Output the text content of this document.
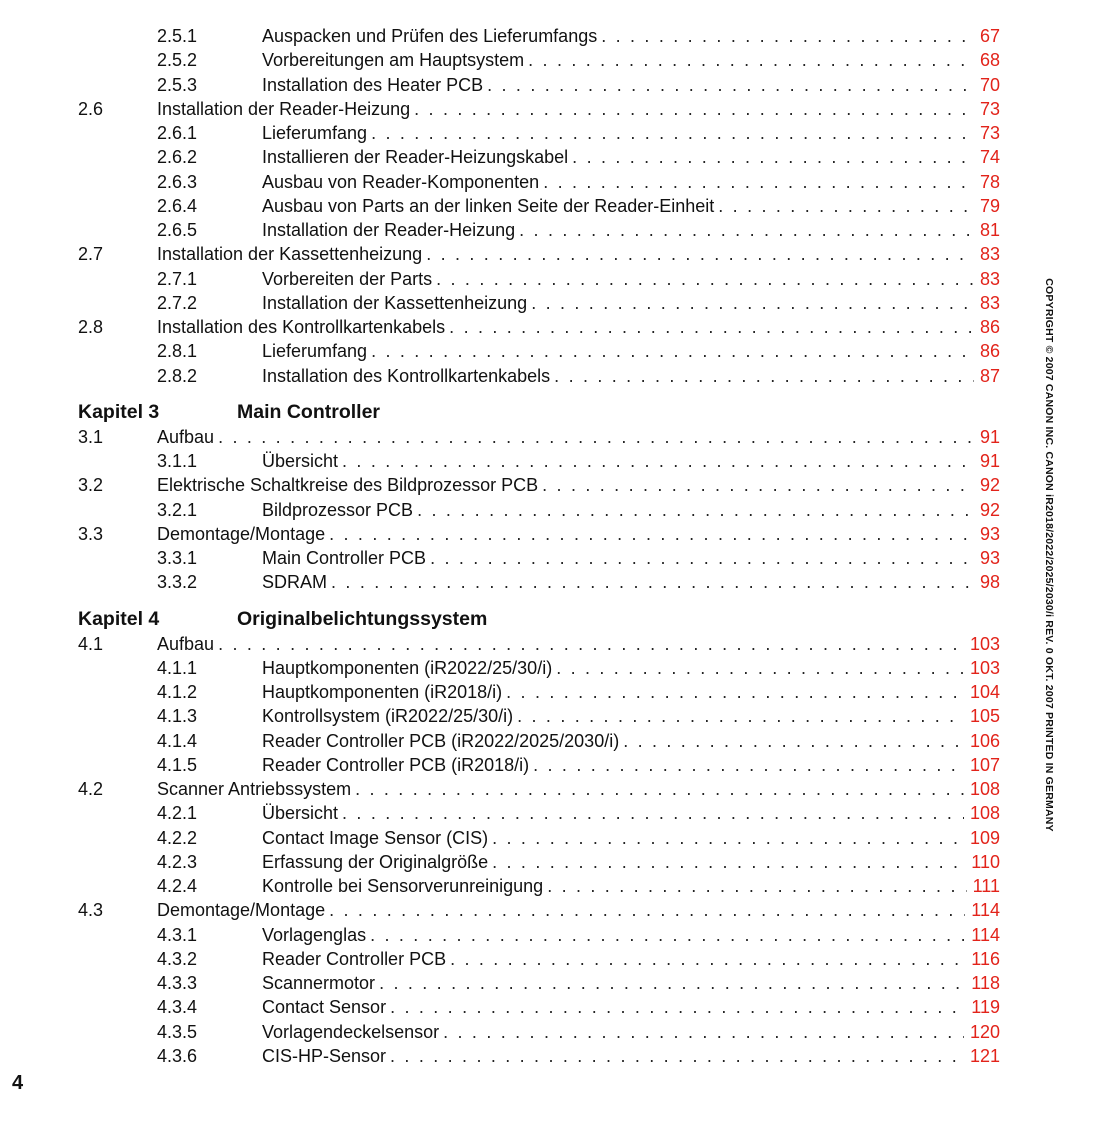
2.5.1	Auspacken und Prüfen des Lieferumfangs . . .	67
2.5.2	Vorbereitungen am Hauptsystem . . .	68
2.5.3	Installation des Heater PCB . . .	70
2.6	Installation der Reader-Heizung . . .	73
2.6.1	Lieferumfang . . .	73
2.6.2	Installieren der Reader-Heizungskabel . . .	74
2.6.3	Ausbau von Reader-Komponenten . . .	78
2.6.4	Ausbau von Parts an der linken Seite der Reader-Einheit . . .	79
2.6.5	Installation der Reader-Heizung . . .	81
2.7	Installation der Kassettenheizung . . .	83
2.7.1	Vorbereiten der Parts . . .	83
2.7.2	Installation der Kassettenheizung . . .	83
2.8	Installation des Kontrollkartenkabels . . .	86
2.8.1	Lieferumfang . . .	86
2.8.2	Installation des Kontrollkartenkabels . . .	87
Kapitel 3	Main Controller
3.1	Aufbau . . .	91
3.1.1	Übersicht . . .	91
3.2	Elektrische Schaltkreise des Bildprozessor PCB . . .	92
3.2.1	Bildprozessor PCB . . .	92
3.3	Demontage/Montage . . .	93
3.3.1	Main Controller PCB . . .	93
3.3.2	SDRAM . . .	98
Kapitel 4	Originalbelichtungssystem
4.1	Aufbau . . .	103
4.1.1	Hauptkomponenten (iR2022/25/30/i) . . .	103
4.1.2	Hauptkomponenten (iR2018/i) . . .	104
4.1.3	Kontrollsystem (iR2022/25/30/i) . . .	105
4.1.4	Reader Controller PCB (iR2022/2025/2030/i) . . .	106
4.1.5	Reader Controller PCB (iR2018/i) . . .	107
4.2	Scanner Antriebssystem . . .	108
4.2.1	Übersicht . . .	108
4.2.2	Contact Image Sensor (CIS) . . .	109
4.2.3	Erfassung der Originalgröße . . .	110
4.2.4	Kontrolle bei Sensorverunreinigung . . .	111
4.3	Demontage/Montage . . .	114
4.3.1	Vorlagenglas . . .	114
4.3.2	Reader Controller PCB . . .	116
4.3.3	Scannermotor . . .	118
4.3.4	Contact Sensor . . .	119
4.3.5	Vorlagendeckelsensor . . .	120
4.3.6	CIS-HP-Sensor . . .	121
4
COPYRIGHT © 2007 CANON INC. CANON iR2018/2022/2025/2030/i REV. 0 OKT. 2007 PRINTED IN GERMANY
